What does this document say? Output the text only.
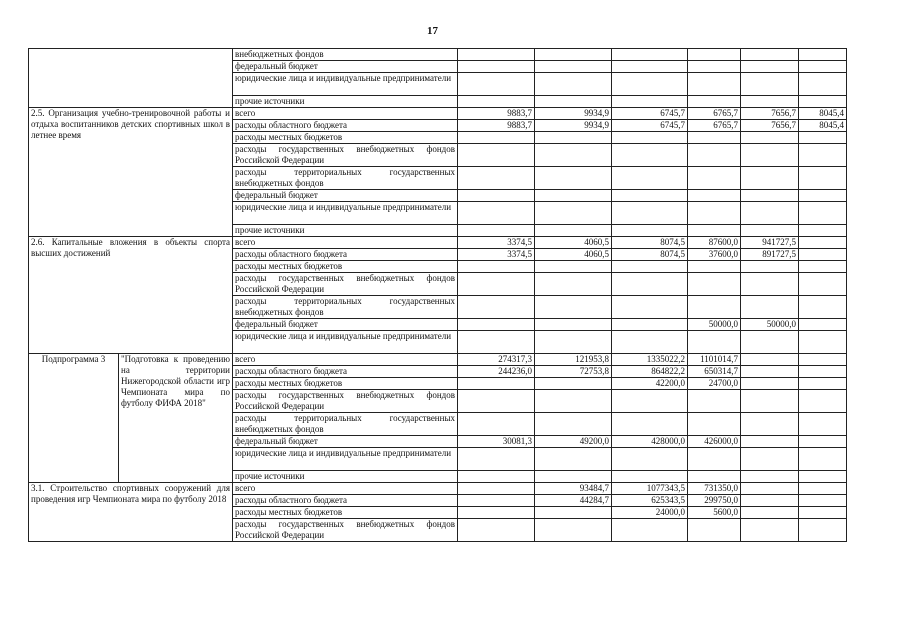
17
		внебюджетных фондов						
		федеральный бюджет						
		юридические лица и индивидуальные предприниматели						
		прочие источники						
2.5. Организация учебно-тренировочной работы и отдыха воспитанников детских спортивных школ в летнее время		всего	9883,7	9934,9	6745,7	6765,7	7656,7	8045,4
		расходы областного бюджета	9883,7	9934,9	6745,7	6765,7	7656,7	8045,4
		расходы местных бюджетов						
		расходы государственных внебюджетных фондов Российской Федерации						
		расходы территориальных государственных внебюджетных фондов						
		федеральный бюджет						
		юридические лица и индивидуальные предприниматели						
		прочие источники						
2.6. Капитальные вложения в объекты спорта высших достижений		всего	3374,5	4060,5	8074,5	87600,0	941727,5	
		расходы областного бюджета	3374,5	4060,5	8074,5	37600,0	891727,5	
		расходы местных бюджетов						
		расходы государственных внебюджетных фондов Российской Федерации						
		расходы территориальных государственных внебюджетных фондов						
		федеральный бюджет				50000,0	50000,0	
		юридические лица и индивидуальные предприниматели						
Подпрограмма 3	"Подготовка к проведению на территории Нижегородской области игр Чемпионата мира по футболу ФИФА 2018"	всего	274317,3	121953,8	1335022,2	1101014,7		
		расходы областного бюджета	244236,0	72753,8	864822,2	650314,7		
		расходы местных бюджетов			42200,0	24700,0		
		расходы государственных внебюджетных фондов Российской Федерации						
		расходы территориальных государственных внебюджетных фондов						
		федеральный бюджет	30081,3	49200,0	428000,0	426000,0		
		юридические лица и индивидуальные предприниматели						
		прочие источники						
3.1. Строительство спортивных сооружений для проведения игр Чемпионата мира по футболу 2018		всего		93484,7	1077343,5	731350,0		
		расходы областного бюджета		44284,7	625343,5	299750,0		
		расходы местных бюджетов			24000,0	5600,0		
		расходы государственных внебюджетных фондов Российской Федерации						
